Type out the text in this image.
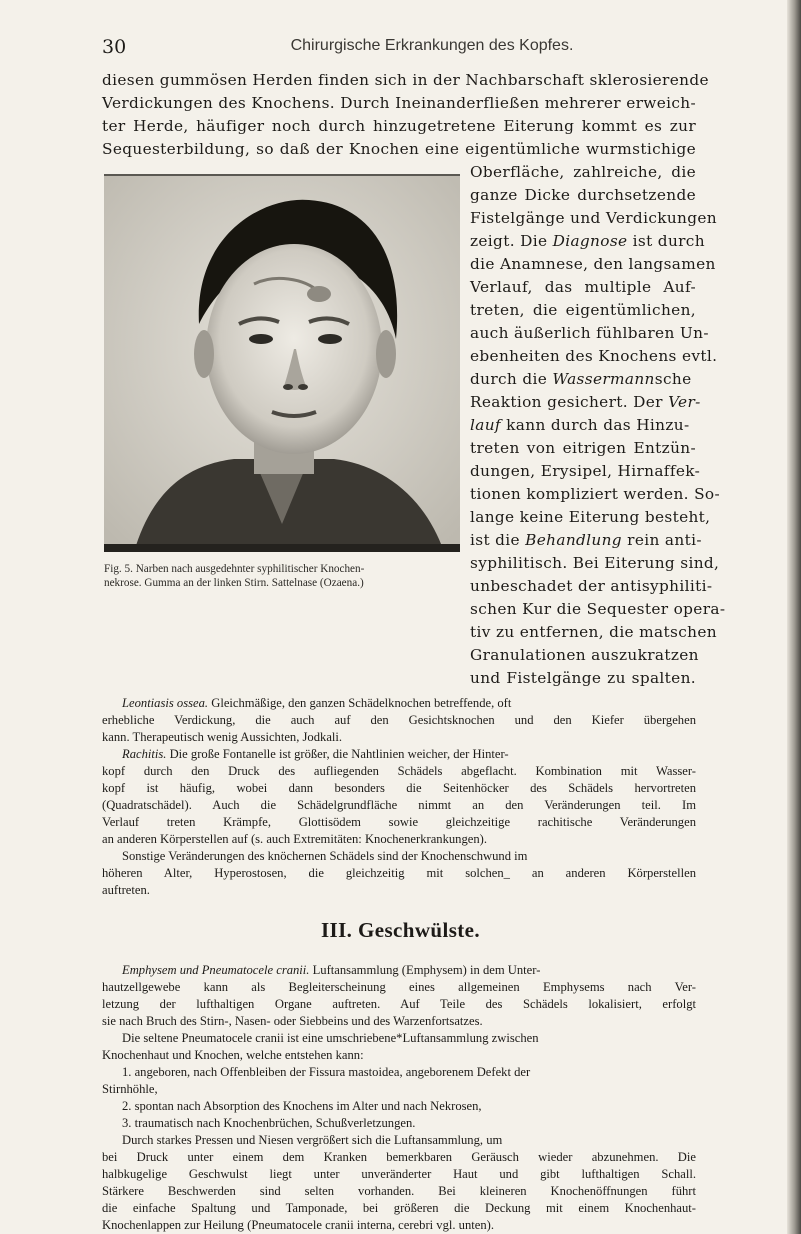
30	Chirurgische Erkrankungen des Kopfes.
diesen gummösen Herden finden sich in der Nachbarschaft sklerosierende
Verdickungen des Knochens. Durch Ineinanderfließen mehrerer erweich-
ter Herde, häufiger noch durch hinzugetretene Eiterung kommt es zur
Sequesterbildung, so daß der Knochen eine eigentümliche wurmstichige
Oberfläche, zahlreiche, die
ganze Dicke durchsetzende
Fistelgänge und Verdickungen
zeigt. Die Diagnose ist durch
die Anamnese, den langsamen
Verlauf, das multiple Auf-
treten, die eigentümlichen,
auch äußerlich fühlbaren Un-
ebenheiten des Knochens evtl.
durch die Wassermannsche
Reaktion gesichert. Der Ver-
lauf kann durch das Hinzu-
treten von eitrigen Entzün-
dungen, Erysipel, Hirnaffek-
tionen kompliziert werden. So-
lange keine Eiterung besteht,
ist die Behandlung rein anti-
syphilitisch. Bei Eiterung sind,
unbeschadet der antisyphiliti-
schen Kur die Sequester opera-
tiv zu entfernen, die matschen
Granulationen auszukratzen
und Fistelgänge zu spalten.
Fig. 5. Narben nach ausgedehnter syphilitischer Knochen-
nekrose. Gumma an der linken Stirn. Sattelnase (Ozaena.)
Leontiasis ossea. Gleichmäßige, den ganzen Schädelknochen betreffende, oft
erhebliche Verdickung, die auch auf den Gesichtsknochen und den Kiefer übergehen
kann. Therapeutisch wenig Aussichten, Jodkali.
Rachitis. Die große Fontanelle ist größer, die Nahtlinien weicher, der Hinter-
kopf durch den Druck des aufliegenden Schädels abgeflacht. Kombination mit Wasser-
kopf ist häufig, wobei dann besonders die Seitenhöcker des Schädels hervortreten
(Quadratschädel). Auch die Schädelgrundfläche nimmt an den Veränderungen teil. Im
Verlauf treten Krämpfe, Glottisödem sowie gleichzeitige rachitische Veränderungen
an anderen Körperstellen auf (s. auch Extremitäten: Knochenerkrankungen).
Sonstige Veränderungen des knöchernen Schädels sind der Knochenschwund im
höheren Alter, Hyperostosen, die gleichzeitig mit solchen_ an anderen Körperstellen
auftreten.
III. Geschwülste.
Emphysem und Pneumatocele cranii. Luftansammlung (Emphysem) in dem Unter-
hautzellgewebe kann als Begleiterscheinung eines allgemeinen Emphysems nach Ver-
letzung der lufthaltigen Organe auftreten. Auf Teile des Schädels lokalisiert, erfolgt
sie nach Bruch des Stirn-, Nasen- oder Siebbeins und des Warzenfortsatzes.
Die seltene Pneumatocele cranii ist eine umschriebene*Luftansammlung zwischen
Knochenhaut und Knochen, welche entstehen kann:
1. angeboren, nach Offenbleiben der Fissura mastoidea, angeborenem Defekt der
Stirnhöhle,
2. spontan nach Absorption des Knochens im Alter und nach Nekrosen,
3. traumatisch nach Knochenbrüchen, Schußverletzungen.
Durch starkes Pressen und Niesen vergrößert sich die Luftansammlung, um
bei Druck unter einem dem Kranken bemerkbaren Geräusch wieder abzunehmen. Die
halbkugelige Geschwulst liegt unter unveränderter Haut und gibt lufthaltigen Schall.
Stärkere Beschwerden sind selten vorhanden. Bei kleineren Knochenöffnungen führt
die einfache Spaltung und Tamponade, bei größeren die Deckung mit einem Knochenhaut-
Knochenlappen zur Heilung (Pneumatocele cranii interna, cerebri vgl. unten).
